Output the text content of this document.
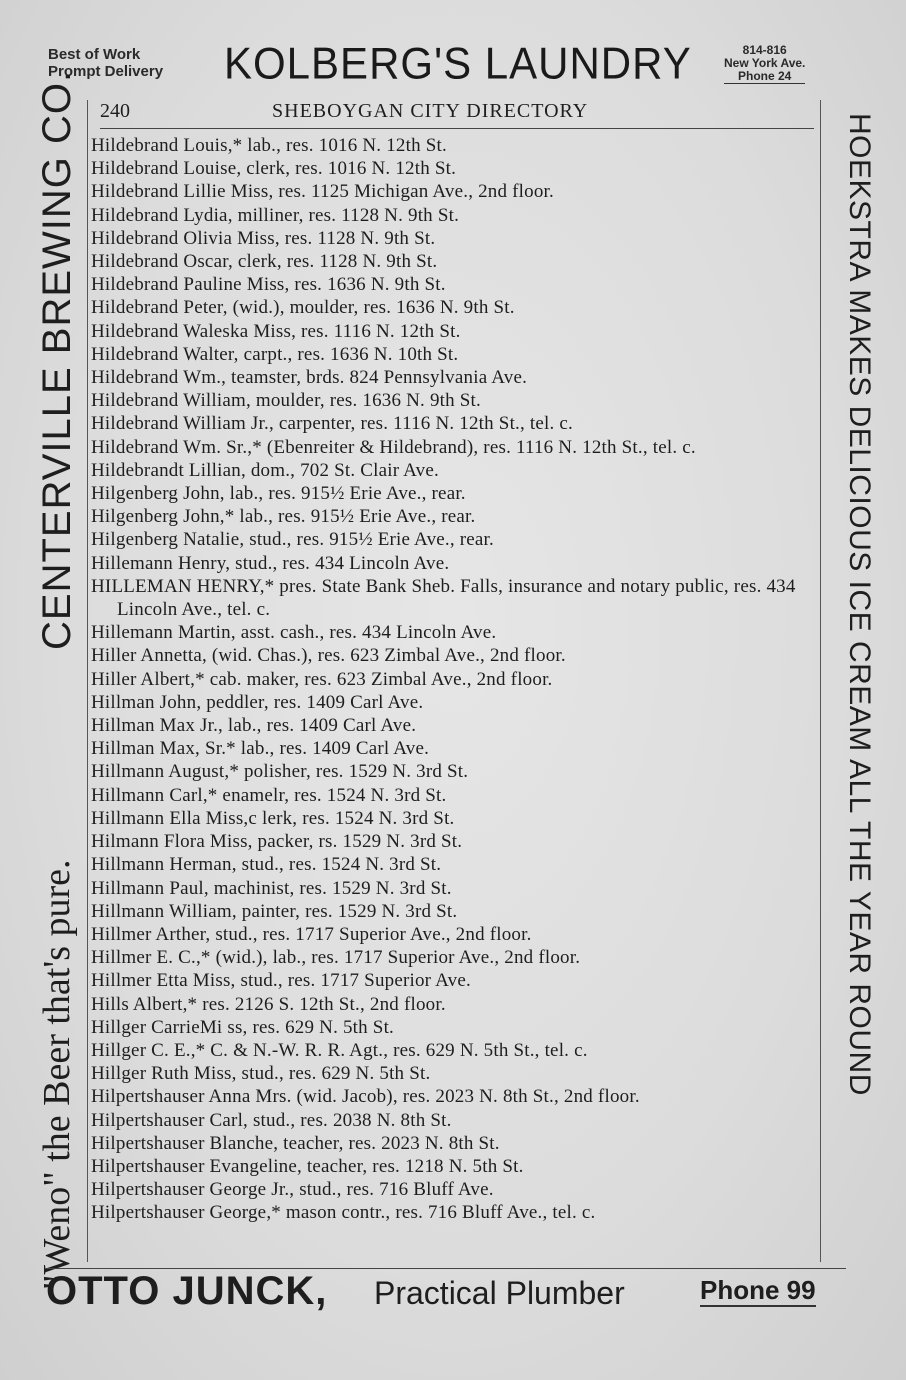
Best of Work
Prompt Delivery KOLBERG'S LAUNDRY	814-816
New York Ave.
Phone 24
240	SHEBOYGAN CITY DIRECTORY
"Weno" the Beer that's pure.
CENTERVILLE BREWING CO.	HOEKSTRA MAKES DELICIOUS ICE CREAM ALL THE YEAR ROUND
Hildebrand Louis,* lab., res. 1016 N. 12th St.
Hildebrand Louise, clerk, res. 1016 N. 12th St.
Hildebrand Lillie Miss, res. 1125 Michigan Ave., 2nd floor.
Hildebrand Lydia, milliner, res. 1128 N. 9th St.
Hildebrand Olivia Miss, res. 1128 N. 9th St.
Hildebrand Oscar, clerk, res. 1128 N. 9th St.
Hildebrand Pauline Miss, res. 1636 N. 9th St.
Hildebrand Peter, (wid.), moulder, res. 1636 N. 9th St.
Hildebrand Waleska Miss, res. 1116 N. 12th St.
Hildebrand Walter, carpt., res. 1636 N. 10th St.
Hildebrand Wm., teamster, brds. 824 Pennsylvania Ave.
Hildebrand William, moulder, res. 1636 N. 9th St.
Hildebrand William Jr., carpenter, res. 1116 N. 12th St., tel. c.
Hildebrand Wm. Sr.,* (Ebenreiter & Hildebrand), res. 1116 N. 12th St., tel. c.
Hildebrandt Lillian, dom., 702 St. Clair Ave.
Hilgenberg John, lab., res. 915½ Erie Ave., rear.
Hilgenberg John,* lab., res. 915½ Erie Ave., rear.
Hilgenberg Natalie, stud., res. 915½ Erie Ave., rear.
Hillemann Henry, stud., res. 434 Lincoln Ave.
HILLEMAN HENRY,* pres. State Bank Sheb. Falls, insurance and notary public, res. 434 Lincoln Ave., tel. c.
Hillemann Martin, asst. cash., res. 434 Lincoln Ave.
Hiller Annetta, (wid. Chas.), res. 623 Zimbal Ave., 2nd floor.
Hiller Albert,* cab. maker, res. 623 Zimbal Ave., 2nd floor.
Hillman John, peddler, res. 1409 Carl Ave.
Hillman Max Jr., lab., res. 1409 Carl Ave.
Hillman Max, Sr.* lab., res. 1409 Carl Ave.
Hillmann August,* polisher, res. 1529 N. 3rd St.
Hillmann Carl,* enamelr, res. 1524 N. 3rd St.
Hillmann Ella Miss,c lerk, res. 1524 N. 3rd St.
Hilmann Flora Miss, packer, rs. 1529 N. 3rd St.
Hillmann Herman, stud., res. 1524 N. 3rd St.
Hillmann Paul, machinist, res. 1529 N. 3rd St.
Hillmann William, painter, res. 1529 N. 3rd St.
Hillmer Arther, stud., res. 1717 Superior Ave., 2nd floor.
Hillmer E. C.,* (wid.), lab., res. 1717 Superior Ave., 2nd floor.
Hillmer Etta Miss, stud., res. 1717 Superior Ave.
Hills Albert,* res. 2126 S. 12th St., 2nd floor.
Hillger CarrieMi ss, res. 629 N. 5th St.
Hillger C. E.,* C. & N.-W. R. R. Agt., res. 629 N. 5th St., tel. c.
Hillger Ruth Miss, stud., res. 629 N. 5th St.
Hilpertshauser Anna Mrs. (wid. Jacob), res. 2023 N. 8th St., 2nd floor.
Hilpertshauser Carl, stud., res. 2038 N. 8th St.
Hilpertshauser Blanche, teacher, res. 2023 N. 8th St.
Hilpertshauser Evangeline, teacher, res. 1218 N. 5th St.
Hilpertshauser George Jr., stud., res. 716 Bluff Ave.
Hilpertshauser George,* mason contr., res. 716 Bluff Ave., tel. c.
OTTO JUNCK, Practical Plumber	Phone 99
